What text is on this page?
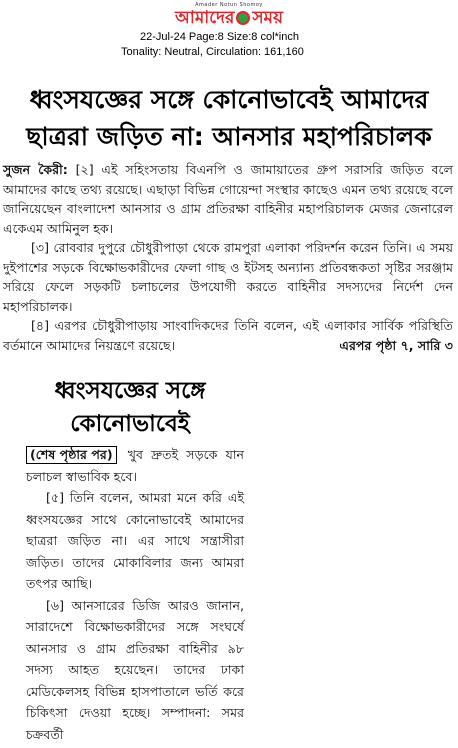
Amader Notun Shomoy
আমাদের সময়
22-Jul-24 Page:8 Size:8 col*inch
Tonality: Neutral, Circulation: 161,160
ধ্বংসযজ্ঞের সঙ্গে কোনোভাবেই আমাদের
ছাত্ররা জড়িত না: আনসার মহাপরিচালক

সুজন কৈরী: [২] এই সহিংসতায় বিএনপি ও জামায়াতের গ্রুপ সরাসরি জড়িত বলে আমাদের কাছে তথ্য রয়েছে। এছাড়া বিভিন্ন গোয়েন্দা সংস্থার কাছেও এমন তথ্য রয়েছে বলে জানিয়েছেন বাংলাদেশ আনসার ও গ্রাম প্রতিরক্ষা বাহিনীর মহাপরিচালক মেজর জেনারেল একেএম আমিনুল হক।

[৩] রোববার দুপুরে চৌধুরীপাড়া থেকে রামপুরা এলাকা পরিদর্শন করেন তিনি। এ সময় দুইপাশের সড়কে বিক্ষোভকারীদের ফেলা গাছ ও ইটসহ অন্যান্য প্রতিবন্ধকতা সৃষ্টির সরঞ্জাম সরিয়ে ফেলে সড়কটি চলাচলের উপযোগী করতে বাহিনীর সদস্যদের নির্দেশ দেন মহাপরিচালক।

[৪] এরপর চৌধুরীপাড়ায় সাংবাদিকদের তিনি বলেন, এই এলাকার সার্বিক পরিস্থিতি বর্তমানে আমাদের নিয়ন্ত্রণে রয়েছে।	এরপর পৃষ্ঠা ৭, সারি ৩

ধ্বংসযজ্ঞের সঙ্গে
কোনোভাবেই

(শেষ পৃষ্ঠার পর) খুব দ্রুতই সড়কে যান চলাচল স্বাভাবিক হবে।

[৫] তিনি বলেন, আমরা মনে করি এই ধ্বংসযজ্ঞের সাথে কোনোভাবেই আমাদের ছাত্ররা জড়িত না। এর সাথে সন্ত্রাসীরা জড়িত। তাদের মোকাবিলার জন্য আমরা তৎপর আছি।

[৬] আনসারের ডিজি আরও জানান, সারাদেশে বিক্ষোভকারীদের সঙ্গে সংঘর্ষে আনসার ও গ্রাম প্রতিরক্ষা বাহিনীর ৯৮ সদস্য আহত হয়েছেন। তাদের ঢাকা মেডিকেলসহ বিভিন্ন হাসপাতালে ভর্তি করে চিকিৎসা দেওয়া হচ্ছে। সম্পাদনা: সমর চক্রবর্তী
